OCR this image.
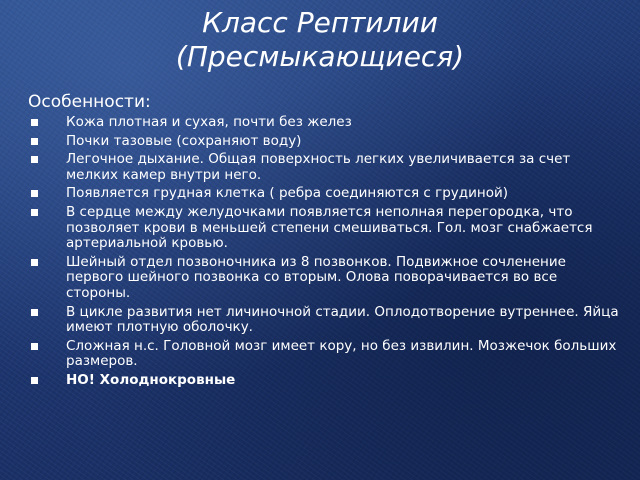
Класс Рептилии
(Пресмыкающиеся)
Особенности:
Кожа плотная и сухая, почти без желез
Почки тазовые (сохраняют воду)
Легочное дыхание. Общая поверхность легких увеличивается за счет мелких камер внутри него.
Появляется грудная клетка ( ребра соединяются с грудиной)
В сердце между желудочками появляется неполная перегородка, что позволяет крови в меньшей степени смешиваться. Гол. мозг снабжается артериальной кровью.
Шейный отдел позвоночника из 8 позвонков. Подвижное сочленение первого шейного позвонка со вторым. Олова поворачивается во все стороны.
В цикле развития нет личиночной стадии. Оплодотворение вутреннее. Яйца имеют плотную оболочку.
Сложная н.с. Головной мозг имеет кору, но без извилин. Мозжечок больших размеров.
НО! Холоднокровные
